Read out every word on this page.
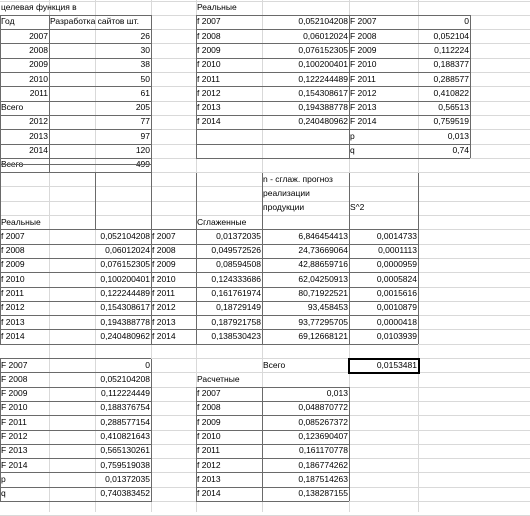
целевая функция в
Год	Разработка сайтов шт.
2007	26
2008	30
2009	38
2010	50
2011	61
Всего	205
2012	77
2013	97
2014	120
Всего	499
Реальные
f 2007	0,052104208 F 2007	0
f 2008	0,06012024 F 2008	0,052104
f 2009	0,076152305 F 2009	0,112224
f 2010	0,100200401 F 2010	0,188377
f 2011	0,122244489 F 2011	0,288577
f 2012	0,154308617 F 2012	0,410822
f 2013	0,194388778 F 2013	0,56513
f 2014	0,240480962 F 2014	0,759519
p	0,013
q	0,74
Реальные	Сглаженные
n - сглаж. прогноз
реализации
продукции	S^2
f 2007	0,052104208 f 2007	0,01372035	6,846454413	0,0014733
f 2008	0,06012024 f 2008	0,049572526	24,73669064	0,0001113
f 2009	0,076152305 f 2009	0,08594508	42,88659716	0,0000959
f 2010	0,100200401 f 2010	0,124333686	62,04250913	0,0005824
f 2011	0,122244489 f 2011	0,161761974	80,71922521	0,0015616
f 2012	0,154308617 f 2012	0,18729149	93,458453	0,0010879
f 2013	0,194388778 f 2013	0,187921758	93,77295705	0,0000418
f 2014	0,240480962 f 2014	0,138530423	69,12668121	0,0103939
F 2007	0
F 2008	0,052104208
F 2009	0,112224449
F 2010	0,188376754
F 2011	0,288577154
F 2012	0,410821643
F 2013	0,565130261
F 2014	0,759519038
p	0,01372035
q	0,740383452
Всего	0,0153481
Расчетные
f 2007	0,013
f 2008	0,048870772
f 2009	0,085267372
f 2010	0,123690407
f 2011	0,161170778
f 2012	0,186774262
f 2013	0,187514263
f 2014	0,138287155
